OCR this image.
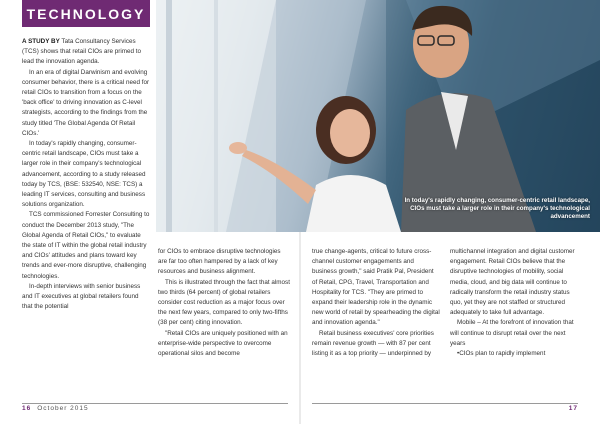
TECHNOLOGY
In today's rapidly changing, consumer-centric retail landscape, CIOs must take a larger role in their company's technological advancement

A STUDY BY Tata Consultancy Services (TCS) shows that retail CIOs are primed to lead the innovation agenda.

In an era of digital Darwinism and evolving consumer behavior, there is a critical need for retail CIOs to transition from a focus on the 'back office' to driving innovation as C-level strategists, according to the findings from the study titled 'The Global Agenda Of Retail CIOs.'

In today's rapidly changing, consumer-centric retail landscape, CIOs must take a larger role in their company's technological advancement, according to a study released today by TCS, (BSE: 532540, NSE: TCS) a leading IT services, consulting and business solutions organization.

TCS commissioned Forrester Consulting to conduct the December 2013 study, "The Global Agenda of Retail CIOs," to evaluate the state of IT within the global retail industry and CIOs' attitudes and plans toward key trends and ever-more disruptive, challenging technologies.

In-depth interviews with senior business and IT executives at global retailers found that the potential

for CIOs to embrace disruptive technologies are far too often hampered by a lack of key resources and business alignment.

This is illustrated through the fact that almost two thirds (64 percent) of global retailers consider cost reduction as a major focus over the next few years, compared to only two-fifths (38 per cent) citing innovation.

"Retail CIOs are uniquely positioned with an enterprise-wide perspective to overcome operational silos and become

true change-agents, critical to future cross-channel customer engagements and business growth," said Pratik Pal, President of Retail, CPG, Travel, Transportation and Hospitality for TCS. "They are primed to expand their leadership role in the dynamic new world of retail by spearheading the digital and innovation agenda."

Retail business executives' core priorities remain revenue growth — with 87 per cent listing it as a top priority — underpinned by

multichannel integration and digital customer engagement. Retail CIOs believe that the disruptive technologies of mobility, social media, cloud, and big data will continue to radically transform the retail industry status quo, yet they are not staffed or structured adequately to take full advantage.

Mobile – At the forefront of innovation that will continue to disrupt retail over the next years

• CIOs plan to rapidly implement

16 October 2015	17
